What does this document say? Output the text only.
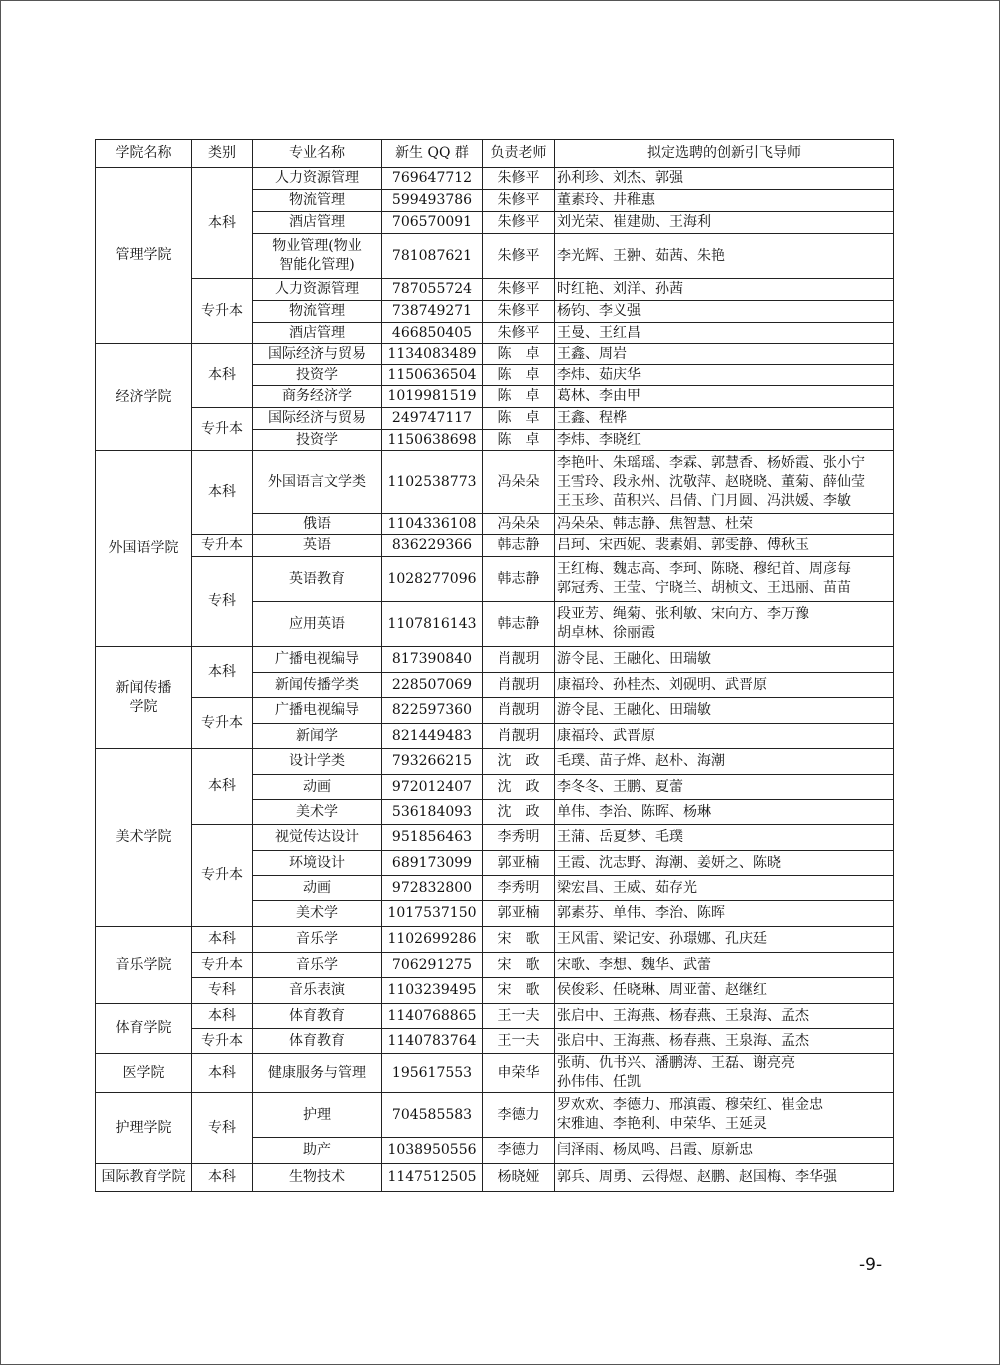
学院名称	类别	专业名称	新生 QQ 群	负责老师	拟定选聘的创新引飞导师
管理学院	本科	人力资源管理	769647712	朱修平	孙利珍、刘杰、郭强
		物流管理	599493786	朱修平	董素玲、井稚惠
		酒店管理	706570091	朱修平	刘光荣、崔建勋、王海利
		物业管理(物业
智能化管理)	781087621	朱修平	李光辉、王翀、茹茜、朱艳
	专升本	人力资源管理	787055724	朱修平	时红艳、刘洋、孙茜
		物流管理	738749271	朱修平	杨钧、李义强
		酒店管理	466850405	朱修平	王曼、王红昌
经济学院	本科	国际经济与贸易	1134083489	陈　卓	王鑫、周岩
		投资学	1150636504	陈　卓	李炜、茹庆华
		商务经济学	1019981519	陈　卓	葛林、李由甲
	专升本	国际经济与贸易	249747117	陈　卓	王鑫、程桦
		投资学	1150638698	陈　卓	李炜、李晓红
外国语学院	本科	外国语言文学类	1102538773	冯朵朵	李艳叶、朱瑶瑶、李霖、郭慧香、杨娇霞、张小宁
王雪玲、段永州、沈敬萍、赵晓晓、董菊、薛仙莹
王玉珍、苗积兴、吕倩、门月圆、冯洪媛、李敏
		俄语	1104336108	冯朵朵	冯朵朵、韩志静、焦智慧、杜荣
	专升本	英语	836229366	韩志静	吕珂、宋西妮、裴素娟、郭雯静、傅秋玉
	专科	英语教育	1028277096	韩志静	王红梅、魏志高、李珂、陈晓、穆纪首、周彦每
郭冠秀、王莹、宁晓兰、胡桢文、王迅丽、苗苗
		应用英语	1107816143	韩志静	段亚芳、绳菊、张利敏、宋向方、李万豫
胡卓林、徐丽霞
新闻传播
学院	本科	广播电视编导	817390840	肖靓玥	游令昆、王融化、田瑞敏
		新闻传播学类	228507069	肖靓玥	康福玲、孙桂杰、刘砚明、武晋原
	专升本	广播电视编导	822597360	肖靓玥	游令昆、王融化、田瑞敏
		新闻学	821449483	肖靓玥	康福玲、武晋原
美术学院	本科	设计学类	793266215	沈　政	毛璞、苗子烨、赵朴、海潮
		动画	972012407	沈　政	李冬冬、王鹏、夏蕾
		美术学	536184093	沈　政	单伟、李治、陈晖、杨琳
	专升本	视觉传达设计	951856463	李秀明	王蒲、岳夏梦、毛璞
		环境设计	689173099	郭亚楠	王霞、沈志野、海潮、姜妍之、陈晓
		动画	972832800	李秀明	梁宏昌、王威、茹存光
		美术学	1017537150	郭亚楠	郭素芬、单伟、李治、陈晖
音乐学院	本科	音乐学	1102699286	宋　歌	王风雷、梁记安、孙璟娜、孔庆廷
	专升本	音乐学	706291275	宋　歌	宋歌、李想、魏华、武蕾
	专科	音乐表演	1103239495	宋　歌	侯俊彩、任晓琳、周亚蕾、赵继红
体育学院	本科	体育教育	1140768865	王一夫	张启中、王海燕、杨春燕、王泉海、孟杰
	专升本	体育教育	1140783764	王一夫	张启中、王海燕、杨春燕、王泉海、孟杰
医学院	本科	健康服务与管理	195617553	申荣华	张萌、仇书兴、潘鹏涛、王磊、谢亮亮
孙伟伟、任凯
护理学院	专科	护理	704585583	李德力	罗欢欢、李德力、邢滇霞、穆荣红、崔金忠
宋雅迪、李艳利、申荣华、王延灵
		助产	1038950556	李德力	闫泽雨、杨凤鸣、吕霞、原新忠
国际教育学院	本科	生物技术	1147512505	杨晓娅	郭兵、周勇、云得煜、赵鹏、赵国梅、李华强
-9-
